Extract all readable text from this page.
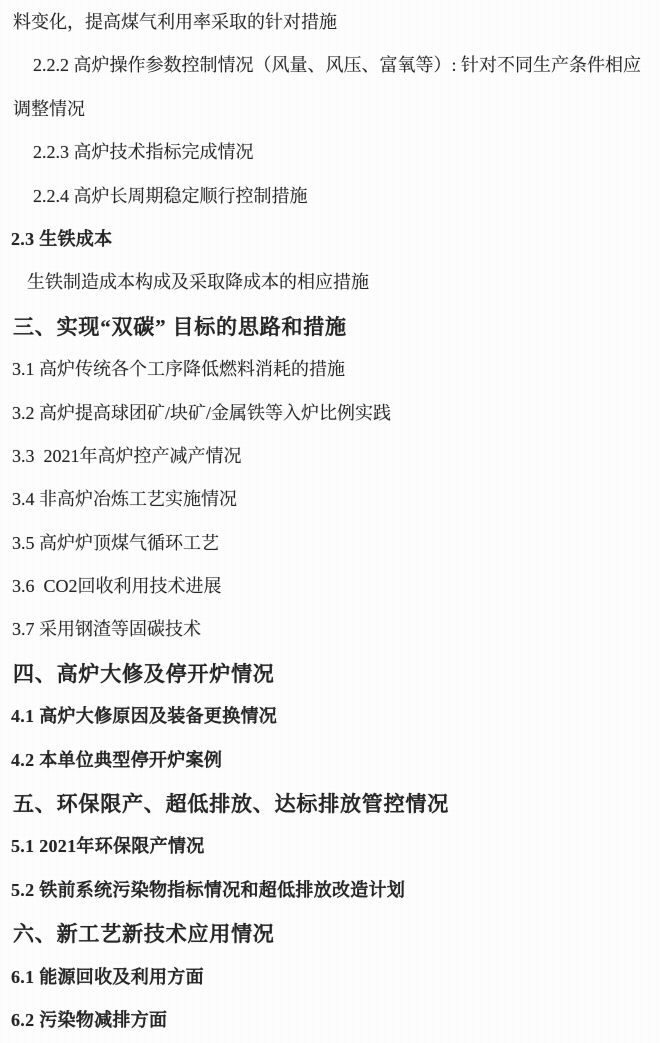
料变化，提高煤气利用率采取的针对措施
2.2.2 高炉操作参数控制情况（风量、风压、富氧等）: 针对不同生产条件相应
调整情况
2.2.3 高炉技术指标完成情况
2.2.4 高炉长周期稳定顺行控制措施
2.3 生铁成本
生铁制造成本构成及采取降成本的相应措施
三、实现“双碳” 目标的思路和措施
3.1 高炉传统各个工序降低燃料消耗的措施
3.2 高炉提高球团矿/块矿/金属铁等入炉比例实践
3.3  2021年高炉控产减产情况
3.4 非高炉冶炼工艺实施情况
3.5 高炉炉顶煤气循环工艺
3.6  CO2回收利用技术进展
3.7 采用钢渣等固碳技术
四、高炉大修及停开炉情况
4.1 高炉大修原因及装备更换情况
4.2 本单位典型停开炉案例
五、环保限产、超低排放、达标排放管控情况
5.1 2021年环保限产情况
5.2 铁前系统污染物指标情况和超低排放改造计划
六、新工艺新技术应用情况
6.1 能源回收及利用方面
6.2 污染物减排方面
